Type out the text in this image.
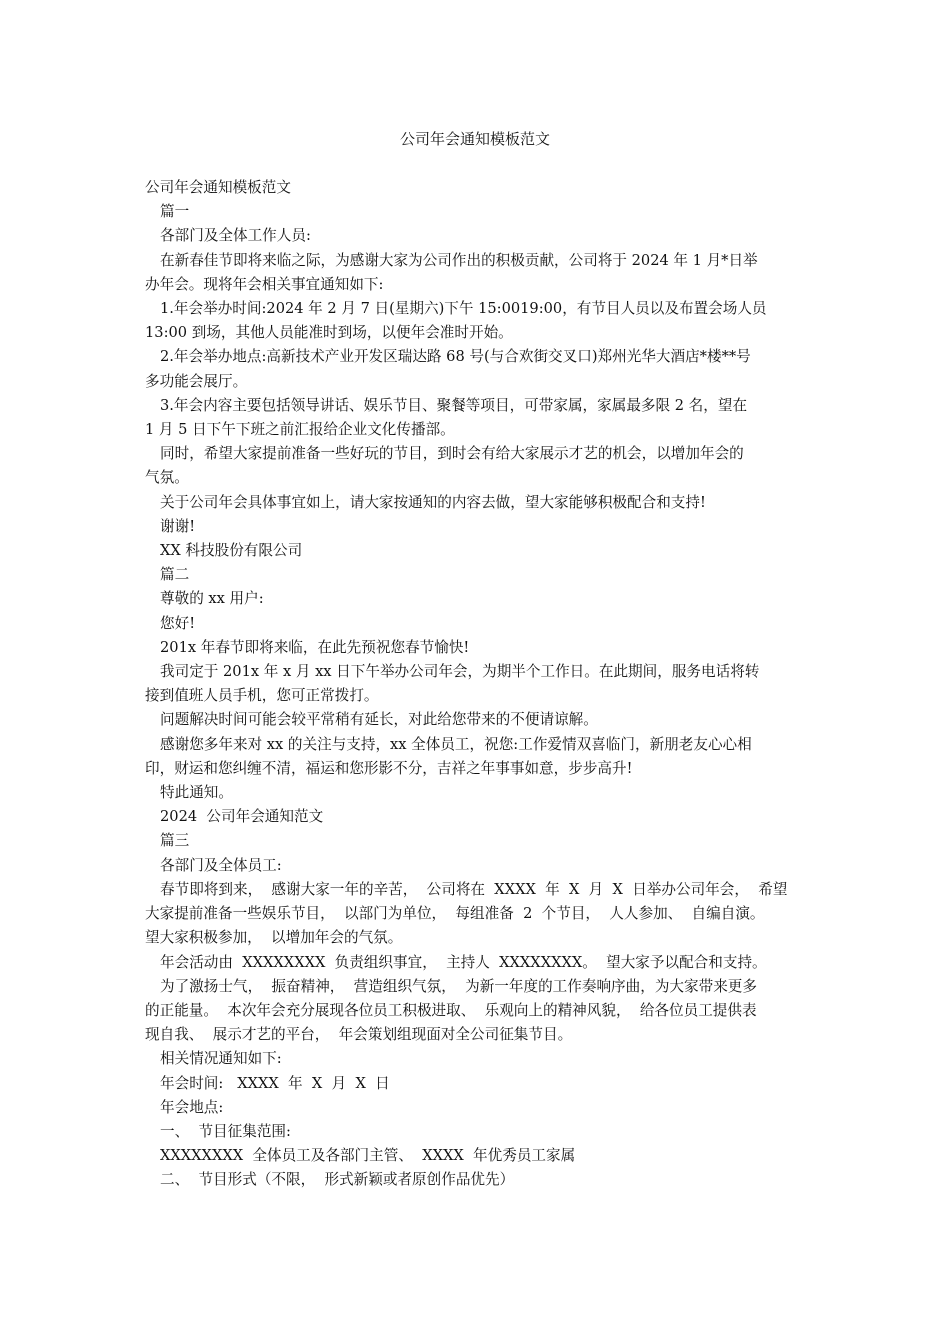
公司年会通知模板范文

公司年会通知模板范文

篇一

各部门及全体工作人员:

在新春佳节即将来临之际，为感谢大家为公司作出的积极贡献，公司将于 2024 年 1 月*日举

办年会。现将年会相关事宜通知如下:

1.年会举办时间:2024 年 2 月 7 日(星期六)下午 15:0019:00，有节目人员以及布置会场人员

13:00 到场，其他人员能准时到场，以便年会准时开始。

2.年会举办地点:高新技术产业开发区瑞达路 68 号(与合欢街交叉口)郑州光华大酒店*楼**号

多功能会展厅。

3.年会内容主要包括领导讲话、娱乐节目、聚餐等项目，可带家属，家属最多限 2 名，望在

1 月 5 日下午下班之前汇报给企业文化传播部。

同时，希望大家提前准备一些好玩的节目，到时会有给大家展示才艺的机会，以增加年会的

气氛。

关于公司年会具体事宜如上，请大家按通知的内容去做，望大家能够积极配合和支持!

谢谢!

XX 科技股份有限公司

篇二

尊敬的 xx 用户:

您好!

201x 年春节即将来临，在此先预祝您春节愉快!

我司定于 201x 年 x 月 xx 日下午举办公司年会，为期半个工作日。在此期间，服务电话将转

接到值班人员手机，您可正常拨打。

问题解决时间可能会较平常稍有延长，对此给您带来的不便请谅解。

感谢您多年来对 xx 的关注与支持，xx 全体员工，祝您:工作爱情双喜临门，新朋老友心心相

印，财运和您纠缠不清，福运和您形影不分，吉祥之年事事如意，步步高升!

特此通知。

2024  公司年会通知范文

篇三

各部门及全体员工:

春节即将到来，  感谢大家一年的辛苦，  公司将在  XXXX  年  X  月  X  日举办公司年会，  希望

大家提前准备一些娱乐节目，  以部门为单位，  每组准备  2  个节目，  人人参加、  自编自演。

望大家积极参加，  以增加年会的气氛。

年会活动由  XXXXXXXX  负责组织事宜，  主持人  XXXXXXXX。  望大家予以配合和支持。

为了激扬士气，  振奋精神，  营造组织气氛，  为新一年度的工作奏响序曲，为大家带来更多

的正能量。  本次年会充分展现各位员工积极进取、  乐观向上的精神风貌，  给各位员工提供表

现自我、  展示才艺的平台，  年会策划组现面对全公司征集节目。

相关情况通知如下:

年会时间:   XXXX  年  X  月  X  日

年会地点:

一、  节目征集范围:

XXXXXXXX  全体员工及各部门主管、  XXXX  年优秀员工家属

二、  节目形式（不限，  形式新颖或者原创作品优先）
